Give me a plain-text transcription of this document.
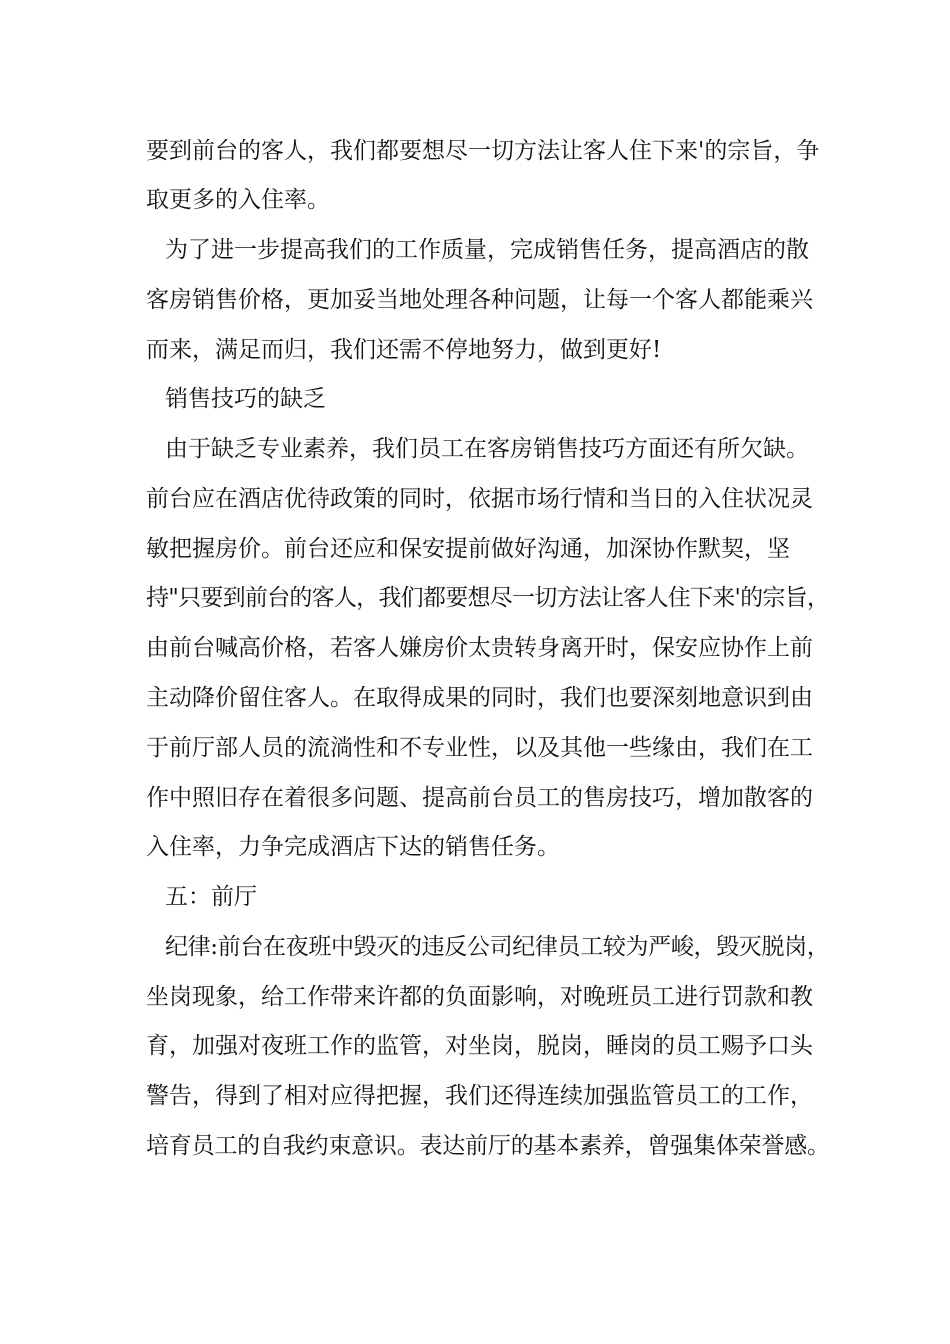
要到前台的客人，我们都要想尽一切方法让客人住下来'的宗旨，争
取更多的入住率。
为了进一步提高我们的工作质量，完成销售任务，提高酒店的散
客房销售价格，更加妥当地处理各种问题，让每一个客人都能乘兴
而来，满足而归，我们还需不停地努力，做到更好!
销售技巧的缺乏
由于缺乏专业素养，我们员工在客房销售技巧方面还有所欠缺。
前台应在酒店优待政策的同时，依据市场行情和当日的入住状况灵
敏把握房价。前台还应和保安提前做好沟通，加深协作默契，坚
持"只要到前台的客人，我们都要想尽一切方法让客人住下来'的宗旨，
由前台喊高价格，若客人嫌房价太贵转身离开时，保安应协作上前
主动降价留住客人。在取得成果的同时，我们也要深刻地意识到由
于前厅部人员的流淌性和不专业性，以及其他一些缘由，我们在工
作中照旧存在着很多问题、提高前台员工的售房技巧，增加散客的
入住率，力争完成酒店下达的销售任务。
五：前厅
纪律:前台在夜班中毁灭的违反公司纪律员工较为严峻，毁灭脱岗，
坐岗现象，给工作带来许都的负面影响，对晚班员工进行罚款和教
育，加强对夜班工作的监管，对坐岗，脱岗，睡岗的员工赐予口头
警告，得到了相对应得把握，我们还得连续加强监管员工的工作，
培育员工的自我约束意识。表达前厅的基本素养，曾强集体荣誉感。
